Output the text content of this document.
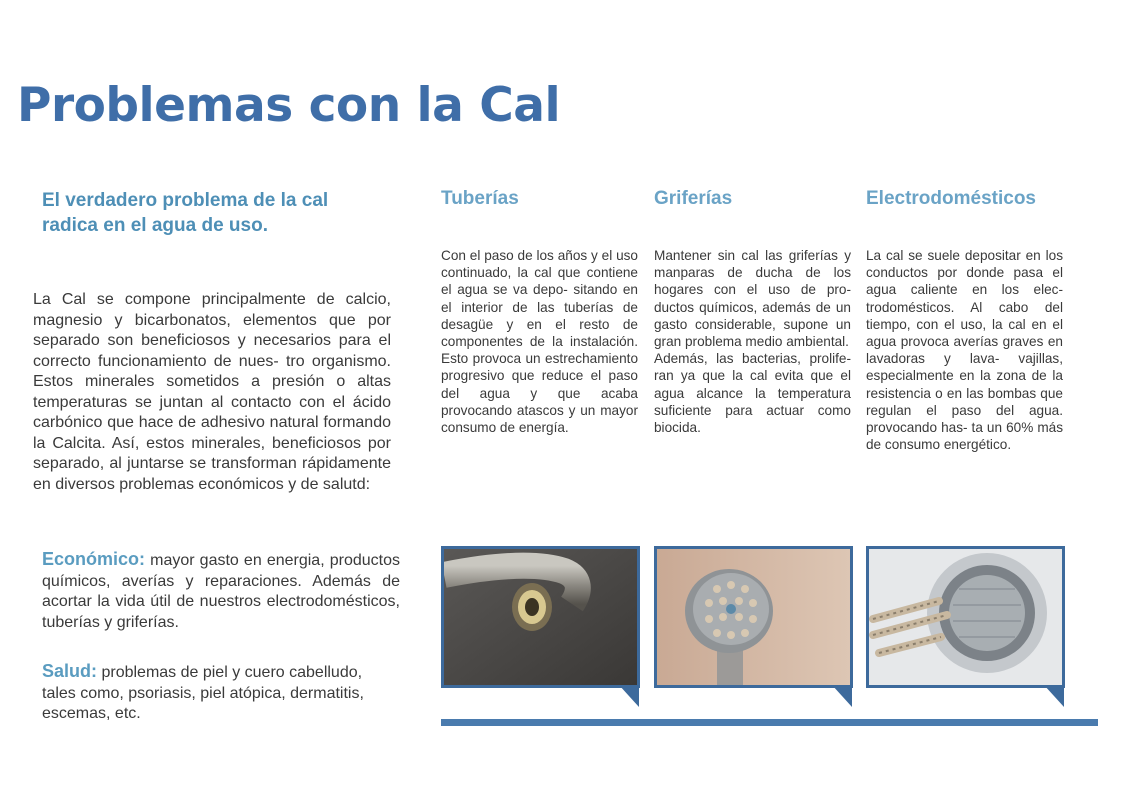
Problemas con la Cal

El verdadero problema de la cal radica en el agua de uso.

La Cal se compone principalmente de calcio, magnesio y bicarbonatos, elementos que por separado son beneficiosos y necesarios para el correcto funcionamiento de nues- tro organismo. Estos minerales sometidos a presión o altas temperaturas se juntan al contacto con el ácido carbónico que hace de adhesivo natural formando la Calcita. Así, estos minerales, beneficiosos por separado, al juntarse se transforman rápidamente en diversos problemas económicos y de salutd:

Económico: mayor gasto en energia, productos químicos, averías y reparaciones. Además de acortar la vida útil de nuestros electrodomésticos, tuberías y griferías.

Salud: problemas de piel y cuero cabelludo, tales como, psoriasis, piel atópica, dermatitis, escemas, etc.

Tuberías

Con el paso de los años y el uso continuado, la cal que contiene el agua se va depo- sitando en el interior de las tuberías de desagüe y en el resto de componentes de la instalación. Esto provoca un estrechamiento progresivo que reduce el paso del agua y que acaba provocando atascos y un mayor consumo de energía.

Griferías

Mantener sin cal las griferías y manparas de ducha de los hogares con el uso de pro- ductos químicos, además de un gasto considerable, supone un gran problema medio ambiental.
Además, las bacterias, prolife- ran ya que la cal evita que el agua alcance la temperatura suficiente para actuar como biocida.

Electrodomésticos

La cal se suele depositar en los conductos por donde pasa el agua caliente en los elec- trodomésticos. Al cabo del tiempo, con el uso, la cal en el agua provoca averías graves en lavadoras y lava- vajillas, especialmente en la zona de la resistencia o en las bombas que regulan el paso del agua. provocando has- ta un 60% más de consumo energético.
